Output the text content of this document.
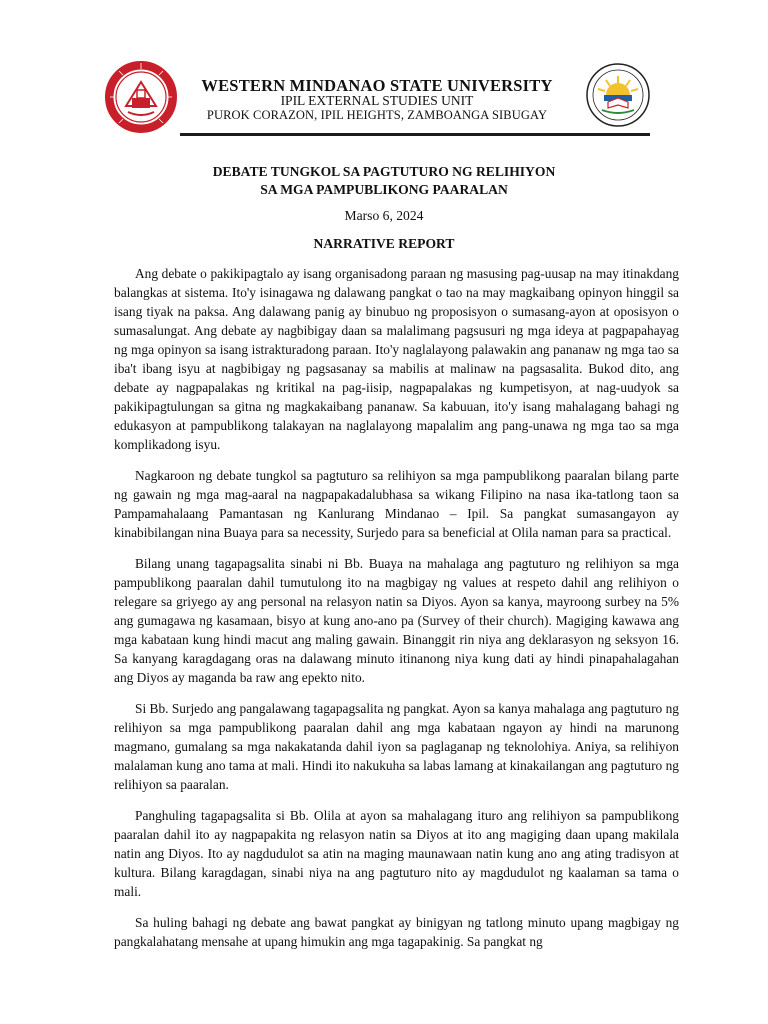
WESTERN MINDANAO STATE UNIVERSITY
IPIL EXTERNAL STUDIES UNIT
PUROK CORAZON, IPIL HEIGHTS, ZAMBOANGA SIBUGAY
DEBATE TUNGKOL SA PAGTUTURO NG RELIHIYON
SA MGA PAMPUBLIKONG PAARALAN
Marso 6, 2024
NARRATIVE REPORT

Ang debate o pakikipagtalo ay isang organisadong paraan ng masusing pag-uusap na may itinakdang balangkas at sistema. Ito'y isinagawa ng dalawang pangkat o tao na may magkaibang opinyon hinggil sa isang tiyak na paksa. Ang dalawang panig ay binubuo ng proposisyon o sumasang-ayon at oposisyon o sumasalungat. Ang debate ay nagbibigay daan sa malalimang pagsusuri ng mga ideya at pagpapahayag ng mga opinyon sa isang istrakturadong paraan. Ito'y naglalayong palawakin ang pananaw ng mga tao sa iba't ibang isyu at nagbibigay ng pagsasanay sa mabilis at malinaw na pagsasalita. Bukod dito, ang debate ay nagpapalakas ng kritikal na pag-iisip, nagpapalakas ng kumpetisyon, at nag-uudyok sa pakikipagtulungan sa gitna ng magkakaibang pananaw. Sa kabuuan, ito'y isang mahalagang bahagi ng edukasyon at pampublikong talakayan na naglalayong mapalalim ang pang-unawa ng mga tao sa mga komplikadong isyu.

Nagkaroon ng debate tungkol sa pagtuturo sa relihiyon sa mga pampublikong paaralan bilang parte ng gawain ng mga mag-aaral na nagpapakadalubhasa sa wikang Filipino na nasa ika-tatlong taon sa Pampamahalaang Pamantasan ng Kanlurang Mindanao – Ipil. Sa pangkat sumasangayon ay kinabibilangan nina Buaya para sa necessity, Surjedo para sa beneficial at Olila naman para sa practical.

Bilang unang tagapagsalita sinabi ni Bb. Buaya na mahalaga ang pagtuturo ng relihiyon sa mga pampublikong paaralan dahil tumutulong ito na magbigay ng values at respeto dahil ang relihiyon o relegare sa griyego ay ang personal na relasyon natin sa Diyos. Ayon sa kanya, mayroong surbey na 5% ang gumagawa ng kasamaan, bisyo at kung ano-ano pa (Survey of their church). Magiging kawawa ang mga kabataan kung hindi macut ang maling gawain. Binanggit rin niya ang deklarasyon ng seksyon 16. Sa kanyang karagdagang oras na dalawang minuto itinanong niya kung dati ay hindi pinapahalagahan ang Diyos ay maganda ba raw ang epekto nito.

Si Bb. Surjedo ang pangalawang tagapagsalita ng pangkat. Ayon sa kanya mahalaga ang pagtuturo ng relihiyon sa mga pampublikong paaralan dahil ang mga kabataan ngayon ay hindi na marunong magmano, gumalang sa mga nakakatanda dahil iyon sa paglaganap ng teknolohiya. Aniya, sa relihiyon malalaman kung ano tama at mali. Hindi ito nakukuha sa labas lamang at kinakailangan ang pagtuturo ng relihiyon sa paaralan.

Panghuling tagapagsalita si Bb. Olila at ayon sa mahalagang ituro ang relihiyon sa pampublikong paaralan dahil ito ay nagpapakita ng relasyon natin sa Diyos at ito ang magiging daan upang makilala natin ang Diyos. Ito ay nagdudulot sa atin na maging maunawaan natin kung ano ang ating tradisyon at kultura. Bilang karagdagan, sinabi niya na ang pagtuturo nito ay magdudulot ng kaalaman sa tama o mali.

Sa huling bahagi ng debate ang bawat pangkat ay binigyan ng tatlong minuto upang magbigay ng pangkalahatang mensahe at upang himukin ang mga tagapakinig. Sa pangkat ng
